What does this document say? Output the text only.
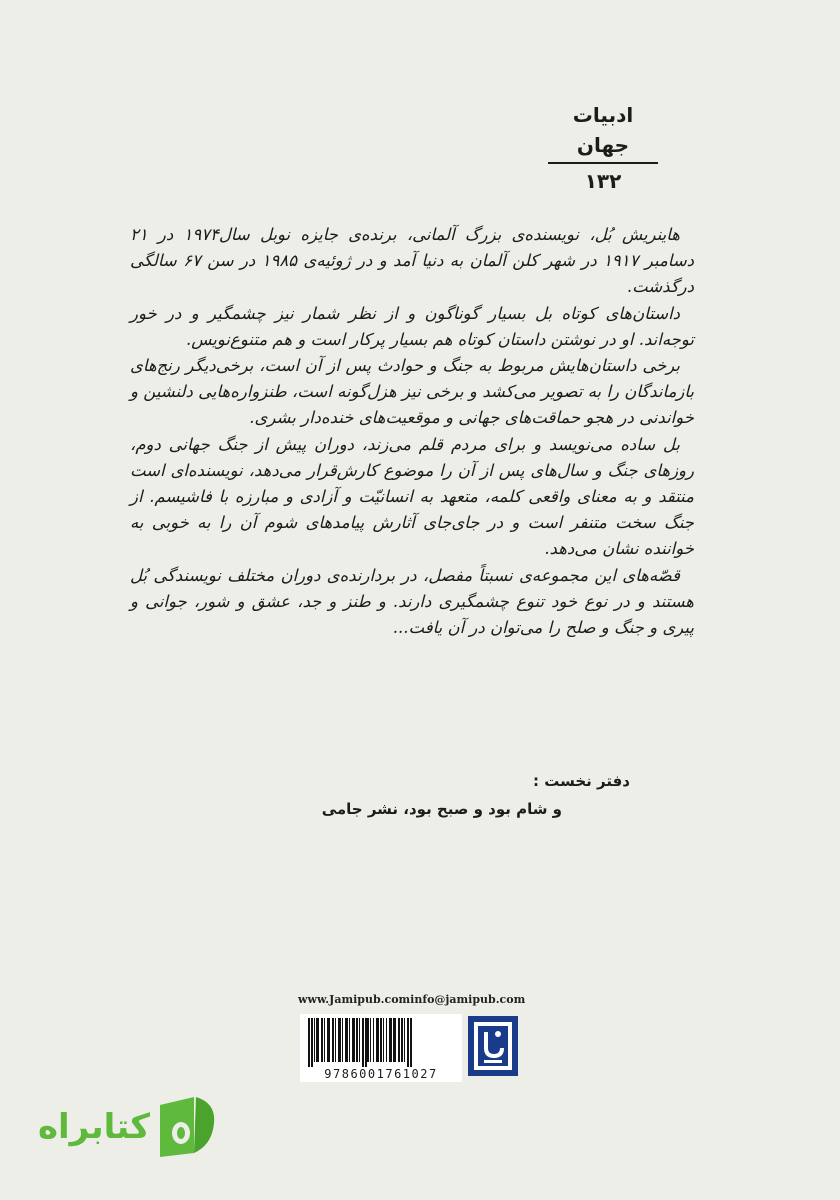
ادبیات جهان
۱۳۲

هاینریش بُل، نویسنده‌ی بزرگ آلمانی، برنده‌ی جایزه نوبل سال۱۹۷۴ در ۲۱ دسامبر ۱۹۱۷ در شهر کلن آلمان به دنیا آمد و در ژوئیه‌ی ۱۹۸۵ در سن ۶۷ سالگی درگذشت.

داستان‌های کوتاه بل بسیار گوناگون و از نظر شمار نیز چشمگیر و در خور توجه‌اند. او در نوشتن داستان کوتاه هم بسیار پرکار است و هم متنوع‌نویس.

برخی داستان‌هایش مربوط به جنگ و حوادث پس از آن است، برخی‌دیگر رنج‌های بازماندگان را به تصویر می‌کشد و برخی نیز هزل‌گونه است، طنزواره‌هایی دلنشین و خواندنی در هجو حماقت‌های جهانی و موقعیت‌های خنده‌دار بشری.

بل ساده می‌نویسد و برای مردم قلم می‌زند، دوران پیش از جنگ جهانی دوم، روزهای جنگ و سال‌های پس از آن را موضوع کارش‌قرار می‌دهد، نویسنده‌ای است منتقد و به معنای واقعی کلمه، متعهد به انسانیّت و آزادی و مبارزه با فاشیسم. از جنگ سخت متنفر است و در جای‌جای آثارش پیامدهای شوم آن را به خوبی به خواننده نشان می‌دهد.

قصّه‌های این مجموعه‌ی نسبتاً مفصل، در بردارنده‌ی دوران مختلف نویسندگی بُل هستند و در نوع خود تنوع چشمگیری دارند. و طنز و جد، عشق و شور، جوانی و پیری و جنگ و صلح را می‌توان در آن یافت...

دفتر نخست :
و شام بود و صبح بود، نشر جامی
www.Jamipub.com info@jamipub.com
9786001761027
کتابراه
